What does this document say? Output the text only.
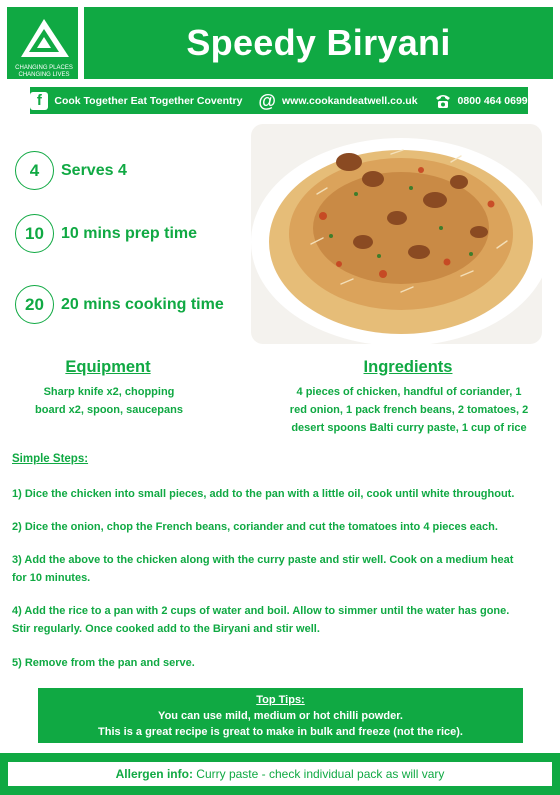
CHANGING PLACES
CHANGING LIVES
Speedy Biryani
f	Cook Together Eat Together Coventry @ www.cookandeatwell.co.uk	0800 464 0699
4	Serves 4
10	10 mins prep time
20	20 mins cooking time
Equipment
Sharp knife x2, chopping
board x2, spoon, saucepans
Ingredients
4 pieces of chicken, handful of coriander, 1
red onion, 1 pack french beans, 2 tomatoes, 2
desert spoons Balti curry paste, 1 cup of rice
Simple Steps:
1) Dice the chicken into small pieces, add to the pan with a little oil, cook until white throughout.
2) Dice the onion, chop the French beans, coriander and cut the tomatoes into 4 pieces each.
3) Add the above to the chicken along with the curry paste and stir well. Cook on a medium heat
for 10 minutes.
4) Add the rice to a pan with 2 cups of water and boil. Allow to simmer until the water has gone.
Stir regularly. Once cooked add to the Biryani and stir well.
5) Remove from the pan and serve.
Top Tips:
You can use mild, medium or hot chilli powder.
This is a great recipe is great to make in bulk and freeze (not the rice).
Allergen info: Curry paste - check individual pack as will vary
